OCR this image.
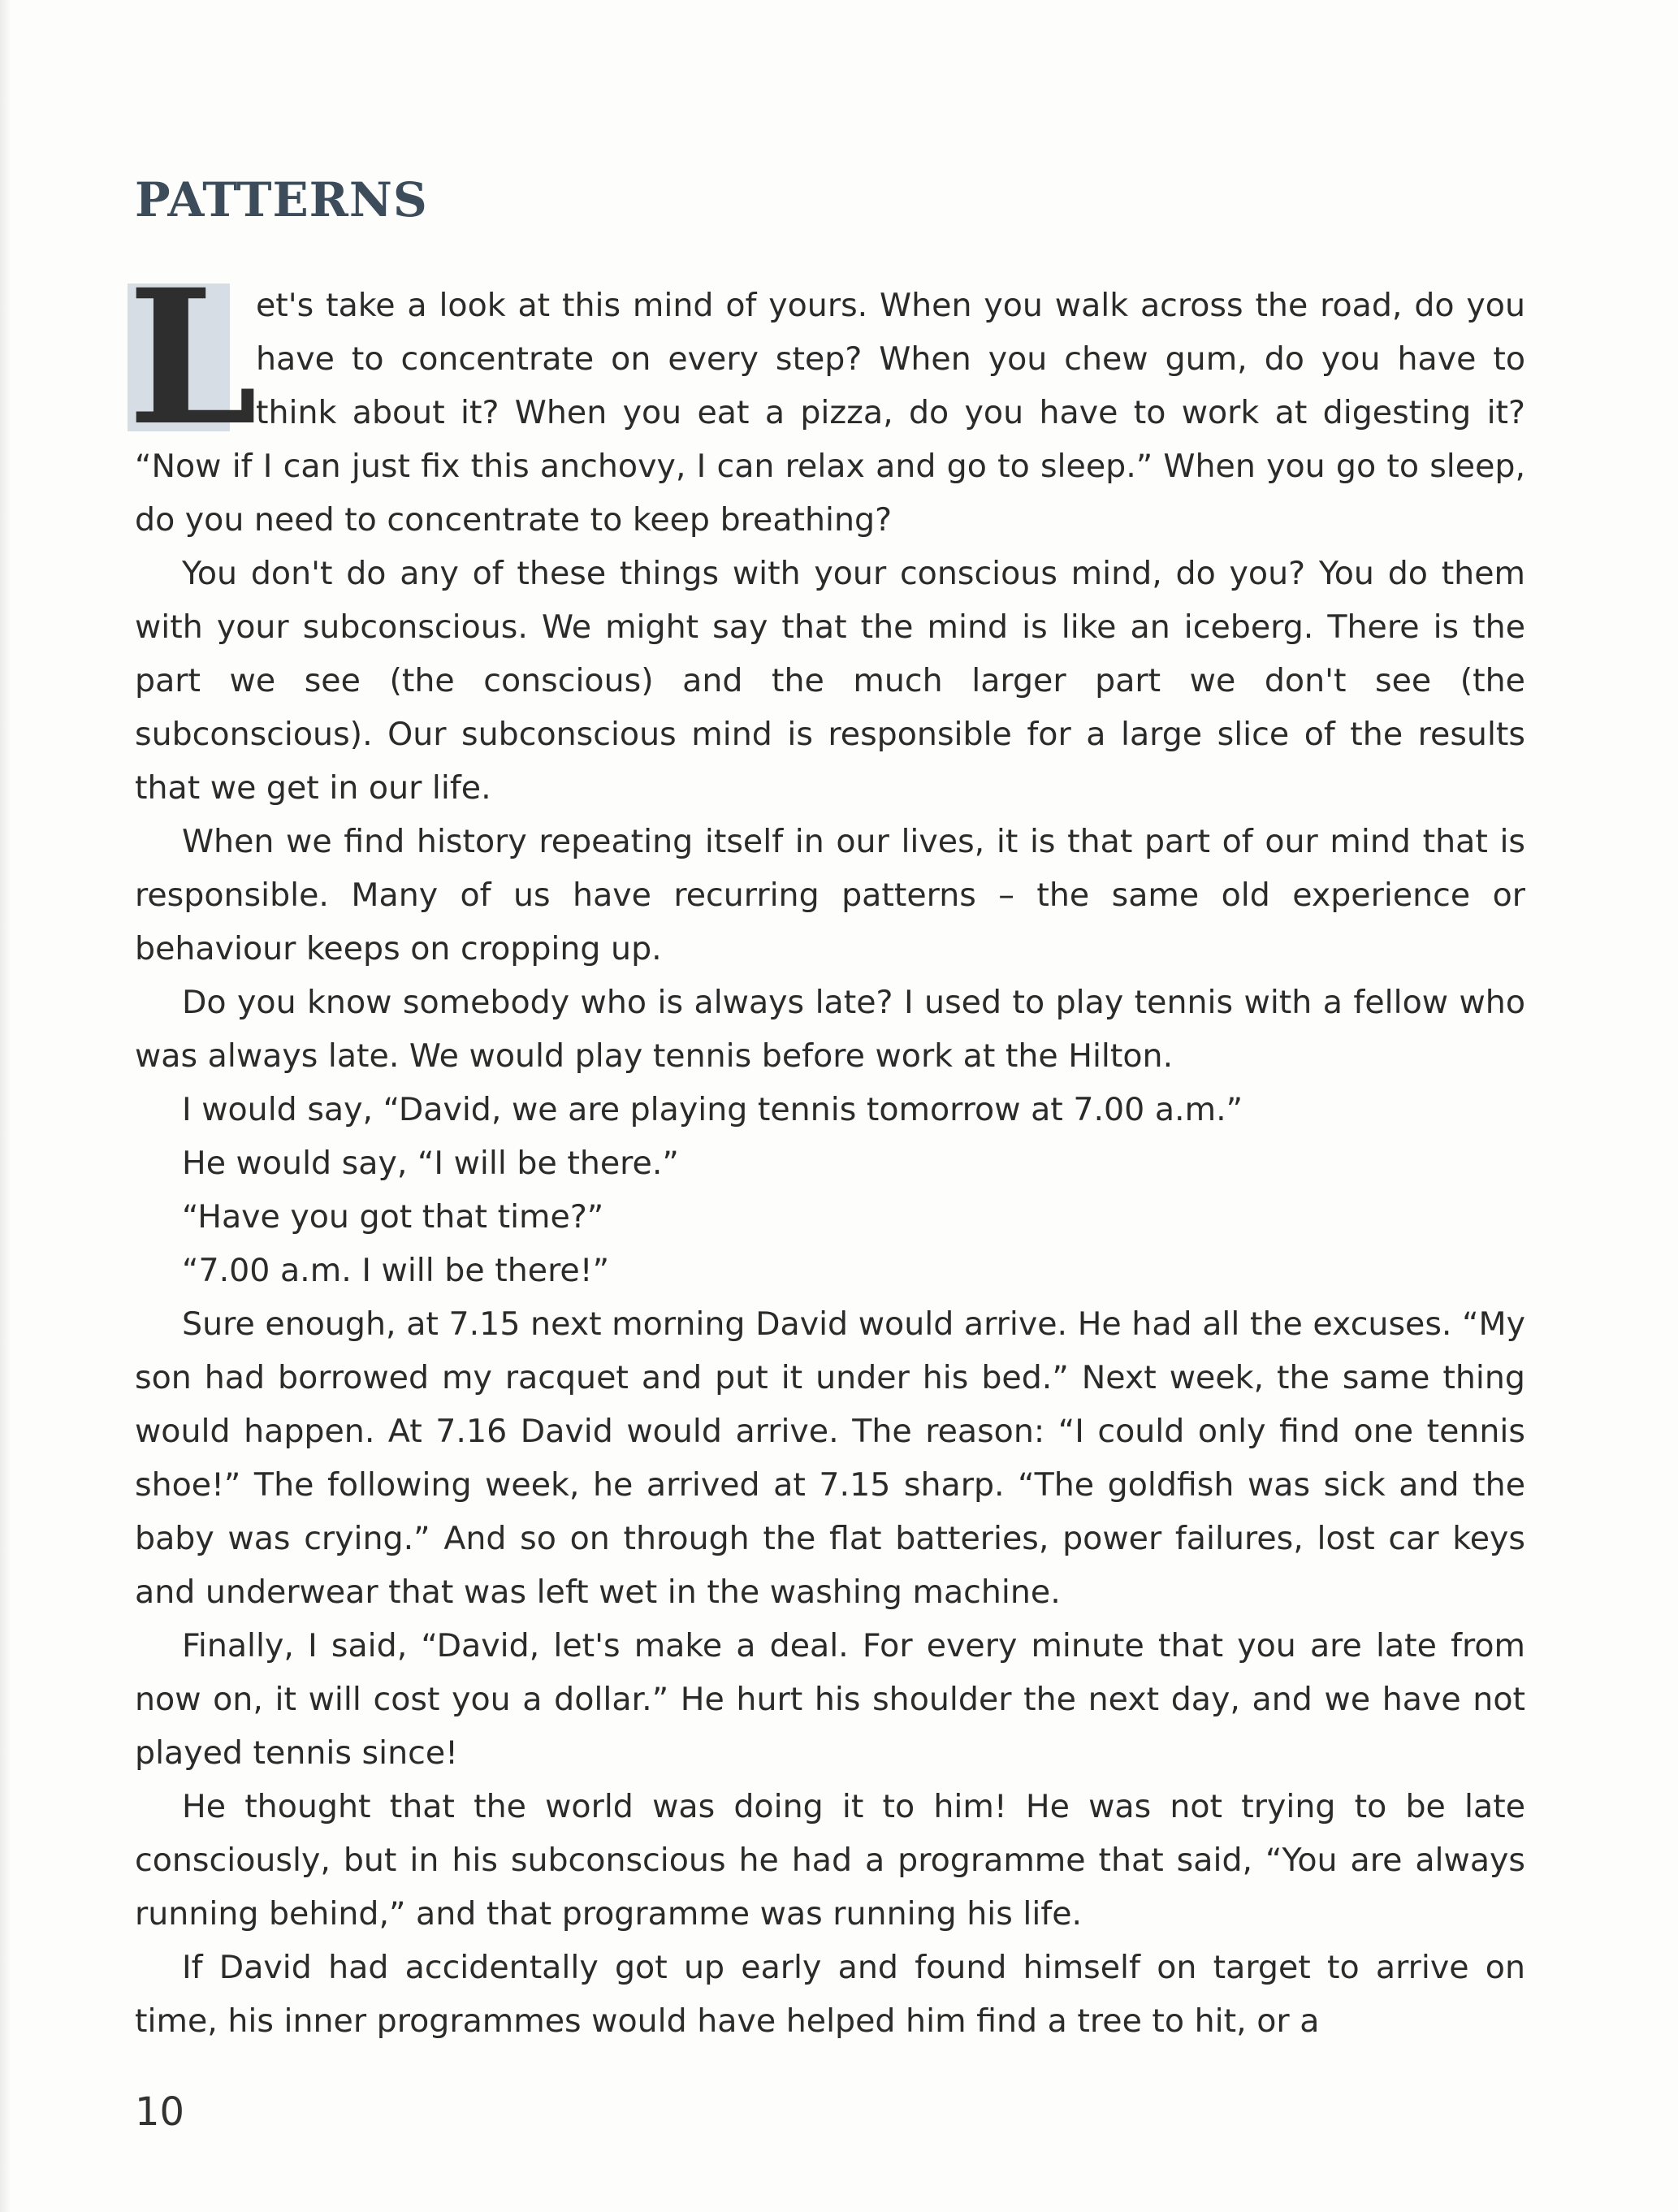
PATTERNS

L
et's take a look at this mind of yours. When you walk across the road, do you have to concentrate on every step? When you chew gum, do you have to think about it? When you eat a pizza, do you have to work at digesting it? “Now if I can just fix this anchovy, I can relax and go to sleep.” When you go to sleep, do you need to concentrate to keep breathing?

You don't do any of these things with your conscious mind, do you? You do them with your subconscious. We might say that the mind is like an iceberg. There is the part we see (the conscious) and the much larger part we don't see (the subconscious). Our subconscious mind is responsible for a large slice of the results that we get in our life.

When we find history repeating itself in our lives, it is that part of our mind that is responsible. Many of us have recurring patterns – the same old experience or behaviour keeps on cropping up.

Do you know somebody who is always late? I used to play tennis with a fellow who was always late. We would play tennis before work at the Hilton.

I would say, “David, we are playing tennis tomorrow at 7.00 a.m.”

He would say, “I will be there.”

“Have you got that time?”

“7.00 a.m. I will be there!”

Sure enough, at 7.15 next morning David would arrive. He had all the excuses. “My son had borrowed my racquet and put it under his bed.” Next week, the same thing would happen. At 7.16 David would arrive. The reason: “I could only find one tennis shoe!” The following week, he arrived at 7.15 sharp. “The goldfish was sick and the baby was crying.” And so on through the flat batteries, power failures, lost car keys and underwear that was left wet in the washing machine.

Finally, I said, “David, let's make a deal. For every minute that you are late from now on, it will cost you a dollar.” He hurt his shoulder the next day, and we have not played tennis since!

He thought that the world was doing it to him! He was not trying to be late consciously, but in his subconscious he had a programme that said, “You are always running behind,” and that programme was running his life.

If David had accidentally got up early and found himself on target to arrive on time, his inner programmes would have helped him find a tree to hit, or a

10
